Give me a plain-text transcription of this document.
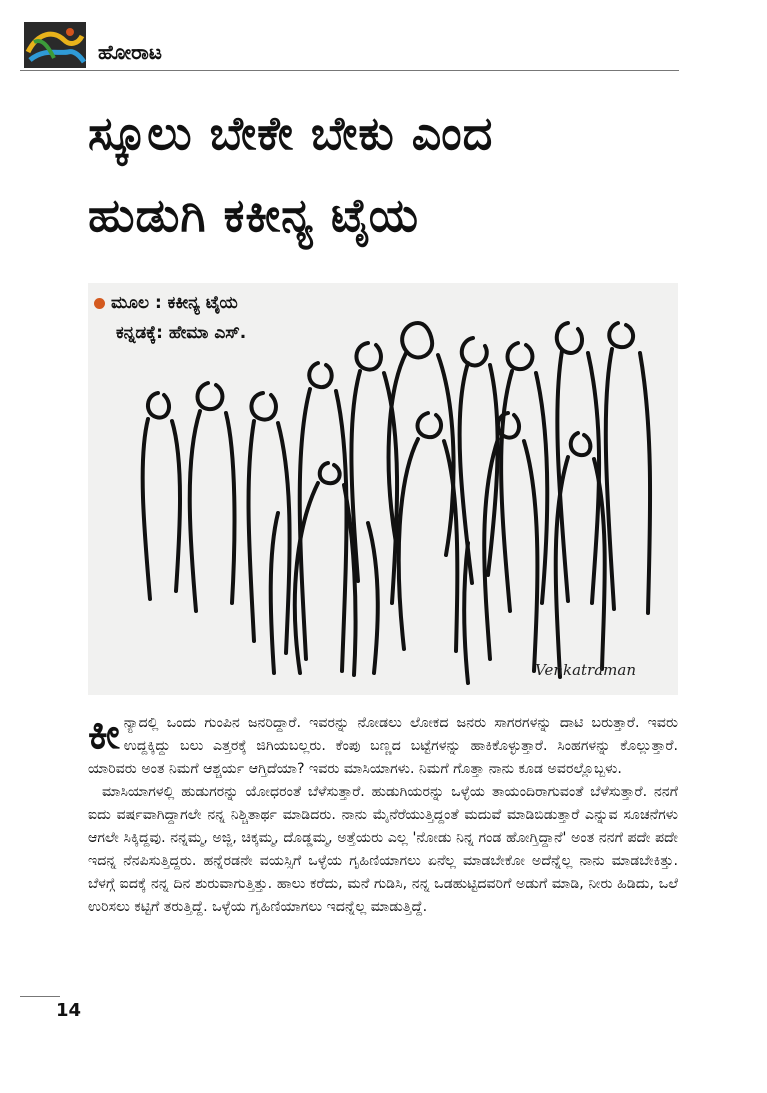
ಹೋರಾಟ
ಸ್ಕೂಲು ಬೇಕೇ ಬೇಕು ಎಂದ
ಹುಡುಗಿ ಕಕೀನ್ಯ ಟೈಯ
Venkatraman
ಮೂಲ : ಕಕೀನ್ಯ ಟೈಯ
ಕನ್ನಡಕ್ಕೆ: ಹೇಮಾ ಎಸ್.

ಕೀ ನ್ಯಾದಲ್ಲಿ ಒಂದು ಗುಂಪಿನ ಜನರಿದ್ದಾರೆ. ಇವರನ್ನು ನೋಡಲು ಲೋಕದ ಜನರು ಸಾಗರಗಳನ್ನು ದಾಟಿ ಬರುತ್ತಾರೆ. ಇವರು ಉದ್ದಕ್ಕಿದ್ದು ಬಲು ಎತ್ತರಕ್ಕೆ ಜಿಗಿಯಬಲ್ಲರು. ಕೆಂಪು ಬಣ್ಣದ ಬಟ್ಟೆಗಳನ್ನು ಹಾಕಿಕೊಳ್ಳುತ್ತಾರೆ. ಸಿಂಹಗಳನ್ನು ಕೊಲ್ಲುತ್ತಾರೆ. ಯಾರಿವರು ಅಂತ ನಿಮಗೆ ಆಶ್ಚರ್ಯ ಆಗ್ತಿದೆಯಾ? ಇವರು ಮಾಸಿಯಾಗಳು. ನಿಮಗೆ ಗೊತ್ತಾ ನಾನು ಕೂಡ ಅವರಲ್ಲೊಬ್ಬಳು.

ಮಾಸಿಯಾಗಳಲ್ಲಿ ಹುಡುಗರನ್ನು ಯೋಧರಂತೆ ಬೆಳೆಸುತ್ತಾರೆ. ಹುಡುಗಿಯರನ್ನು ಒಳ್ಳೆಯ ತಾಯಂದಿರಾಗುವಂತೆ ಬೆಳೆಸುತ್ತಾರೆ. ನನಗೆ ಐದು ವರ್ಷವಾಗಿದ್ದಾಗಲೇ ನನ್ನ ನಿಶ್ಚಿತಾರ್ಥ ಮಾಡಿದರು. ನಾನು ಮೈನೆರೆಯುತ್ತಿದ್ದಂತೆ ಮದುವೆ ಮಾಡಿಬಿಡುತ್ತಾರೆ ಎನ್ನುವ ಸೂಚನೆಗಳು ಆಗಲೇ ಸಿಕ್ಕಿದ್ದವು. ನನ್ನಮ್ಮ, ಅಜ್ಜಿ, ಚಿಕ್ಕಮ್ಮ, ದೊಡ್ಡಮ್ಮ, ಅತ್ತೆಯರು ಎಲ್ಲ 'ನೋಡು ನಿನ್ನ ಗಂಡ ಹೋಗ್ತಿದ್ದಾನೆ' ಅಂತ ನನಗೆ ಪದೇ ಪದೇ ಇದನ್ನ ನೆನಪಿಸುತ್ತಿದ್ದರು. ಹನ್ನೆರಡನೇ ವಯಸ್ಸಿಗೆ ಒಳ್ಳೆಯ ಗೃಹಿಣಿಯಾಗಲು ಏನೆಲ್ಲ ಮಾಡಬೇಕೋ ಅದೆನ್ನೆಲ್ಲ ನಾನು ಮಾಡಬೇಕಿತ್ತು. ಬೆಳಗ್ಗೆ ಐದಕ್ಕೆ ನನ್ನ ದಿನ ಶುರುವಾಗುತ್ತಿತ್ತು. ಹಾಲು ಕರೆದು, ಮನೆ ಗುಡಿಸಿ, ನನ್ನ ಒಡಹುಟ್ಟಿದವರಿಗೆ ಅಡುಗೆ ಮಾಡಿ, ನೀರು ಹಿಡಿದು, ಒಲೆ ಉರಿಸಲು ಕಟ್ಟಿಗೆ ತರುತ್ತಿದ್ದೆ. ಒಳ್ಳೆಯ ಗೃಹಿಣಿಯಾಗಲು ಇದನ್ನೆಲ್ಲ ಮಾಡುತ್ತಿದ್ದೆ.

14
